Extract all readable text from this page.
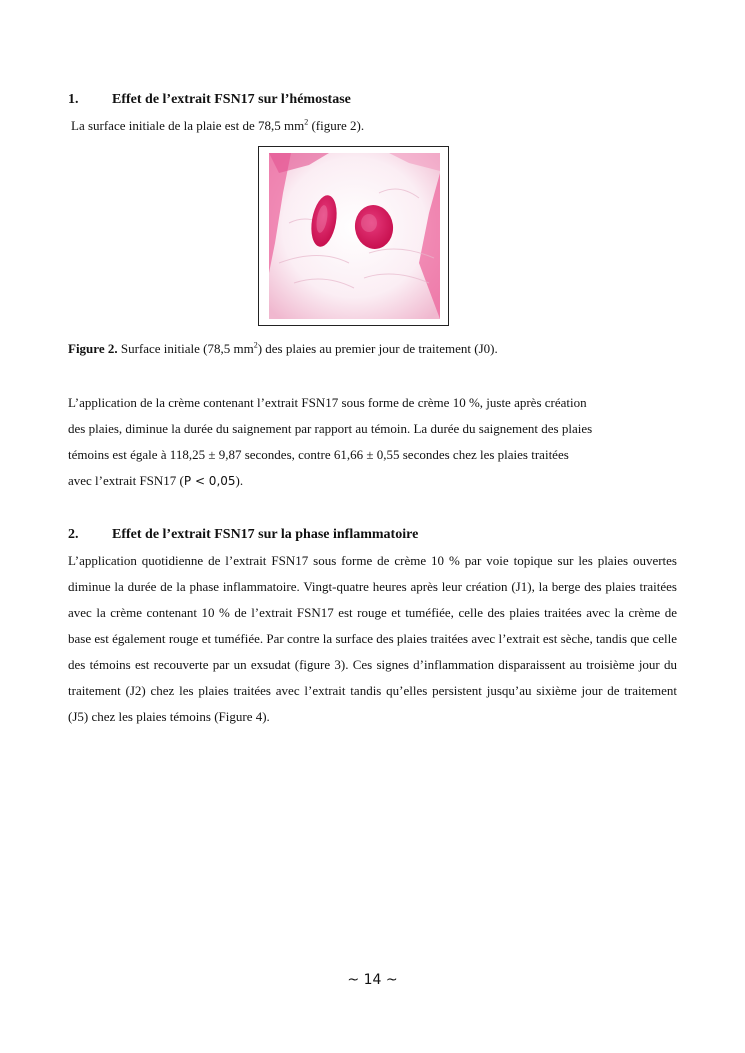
1. Effet de l’extrait FSN17 sur l’hémostase
La surface initiale de la plaie est de 78,5 $mm^2$ (figure 2).
Figure 2. Surface initiale (78,5 $mm^2$) des plaies au premier jour de traitement (J0).
L’application de la crème contenant l’extrait FSN17 sous forme de crème 10 %, juste après création
des plaies, diminue la durée du saignement par rapport au témoin. La durée du saignement des plaies
témoins est égale à 118,25 ± 9,87 secondes, contre 61,66 ± 0,55 secondes chez les plaies traitées
avec l’extrait FSN17 (P < 0,05).
2. Effet de l’extrait FSN17 sur la phase inflammatoire
L’application quotidienne de l’extrait FSN17 sous forme de crème 10 % par voie topique sur les plaies ouvertes diminue la durée de la phase inflammatoire. Vingt-quatre heures après leur création (J1), la berge des plaies traitées avec la crème contenant 10 % de l’extrait FSN17 est rouge et tuméfiée, celle des plaies traitées avec la crème de base est également rouge et tuméfiée. Par contre la surface des plaies traitées avec l’extrait est sèche, tandis que celle des témoins est recouverte par un exsudat (figure 3). Ces signes d’inflammation disparaissent au troisième jour du traitement (J2) chez les plaies traitées avec l’extrait tandis qu’elles persistent jusqu’au sixième jour de traitement (J5) chez les plaies témoins (Figure 4).
~ 14 ~
